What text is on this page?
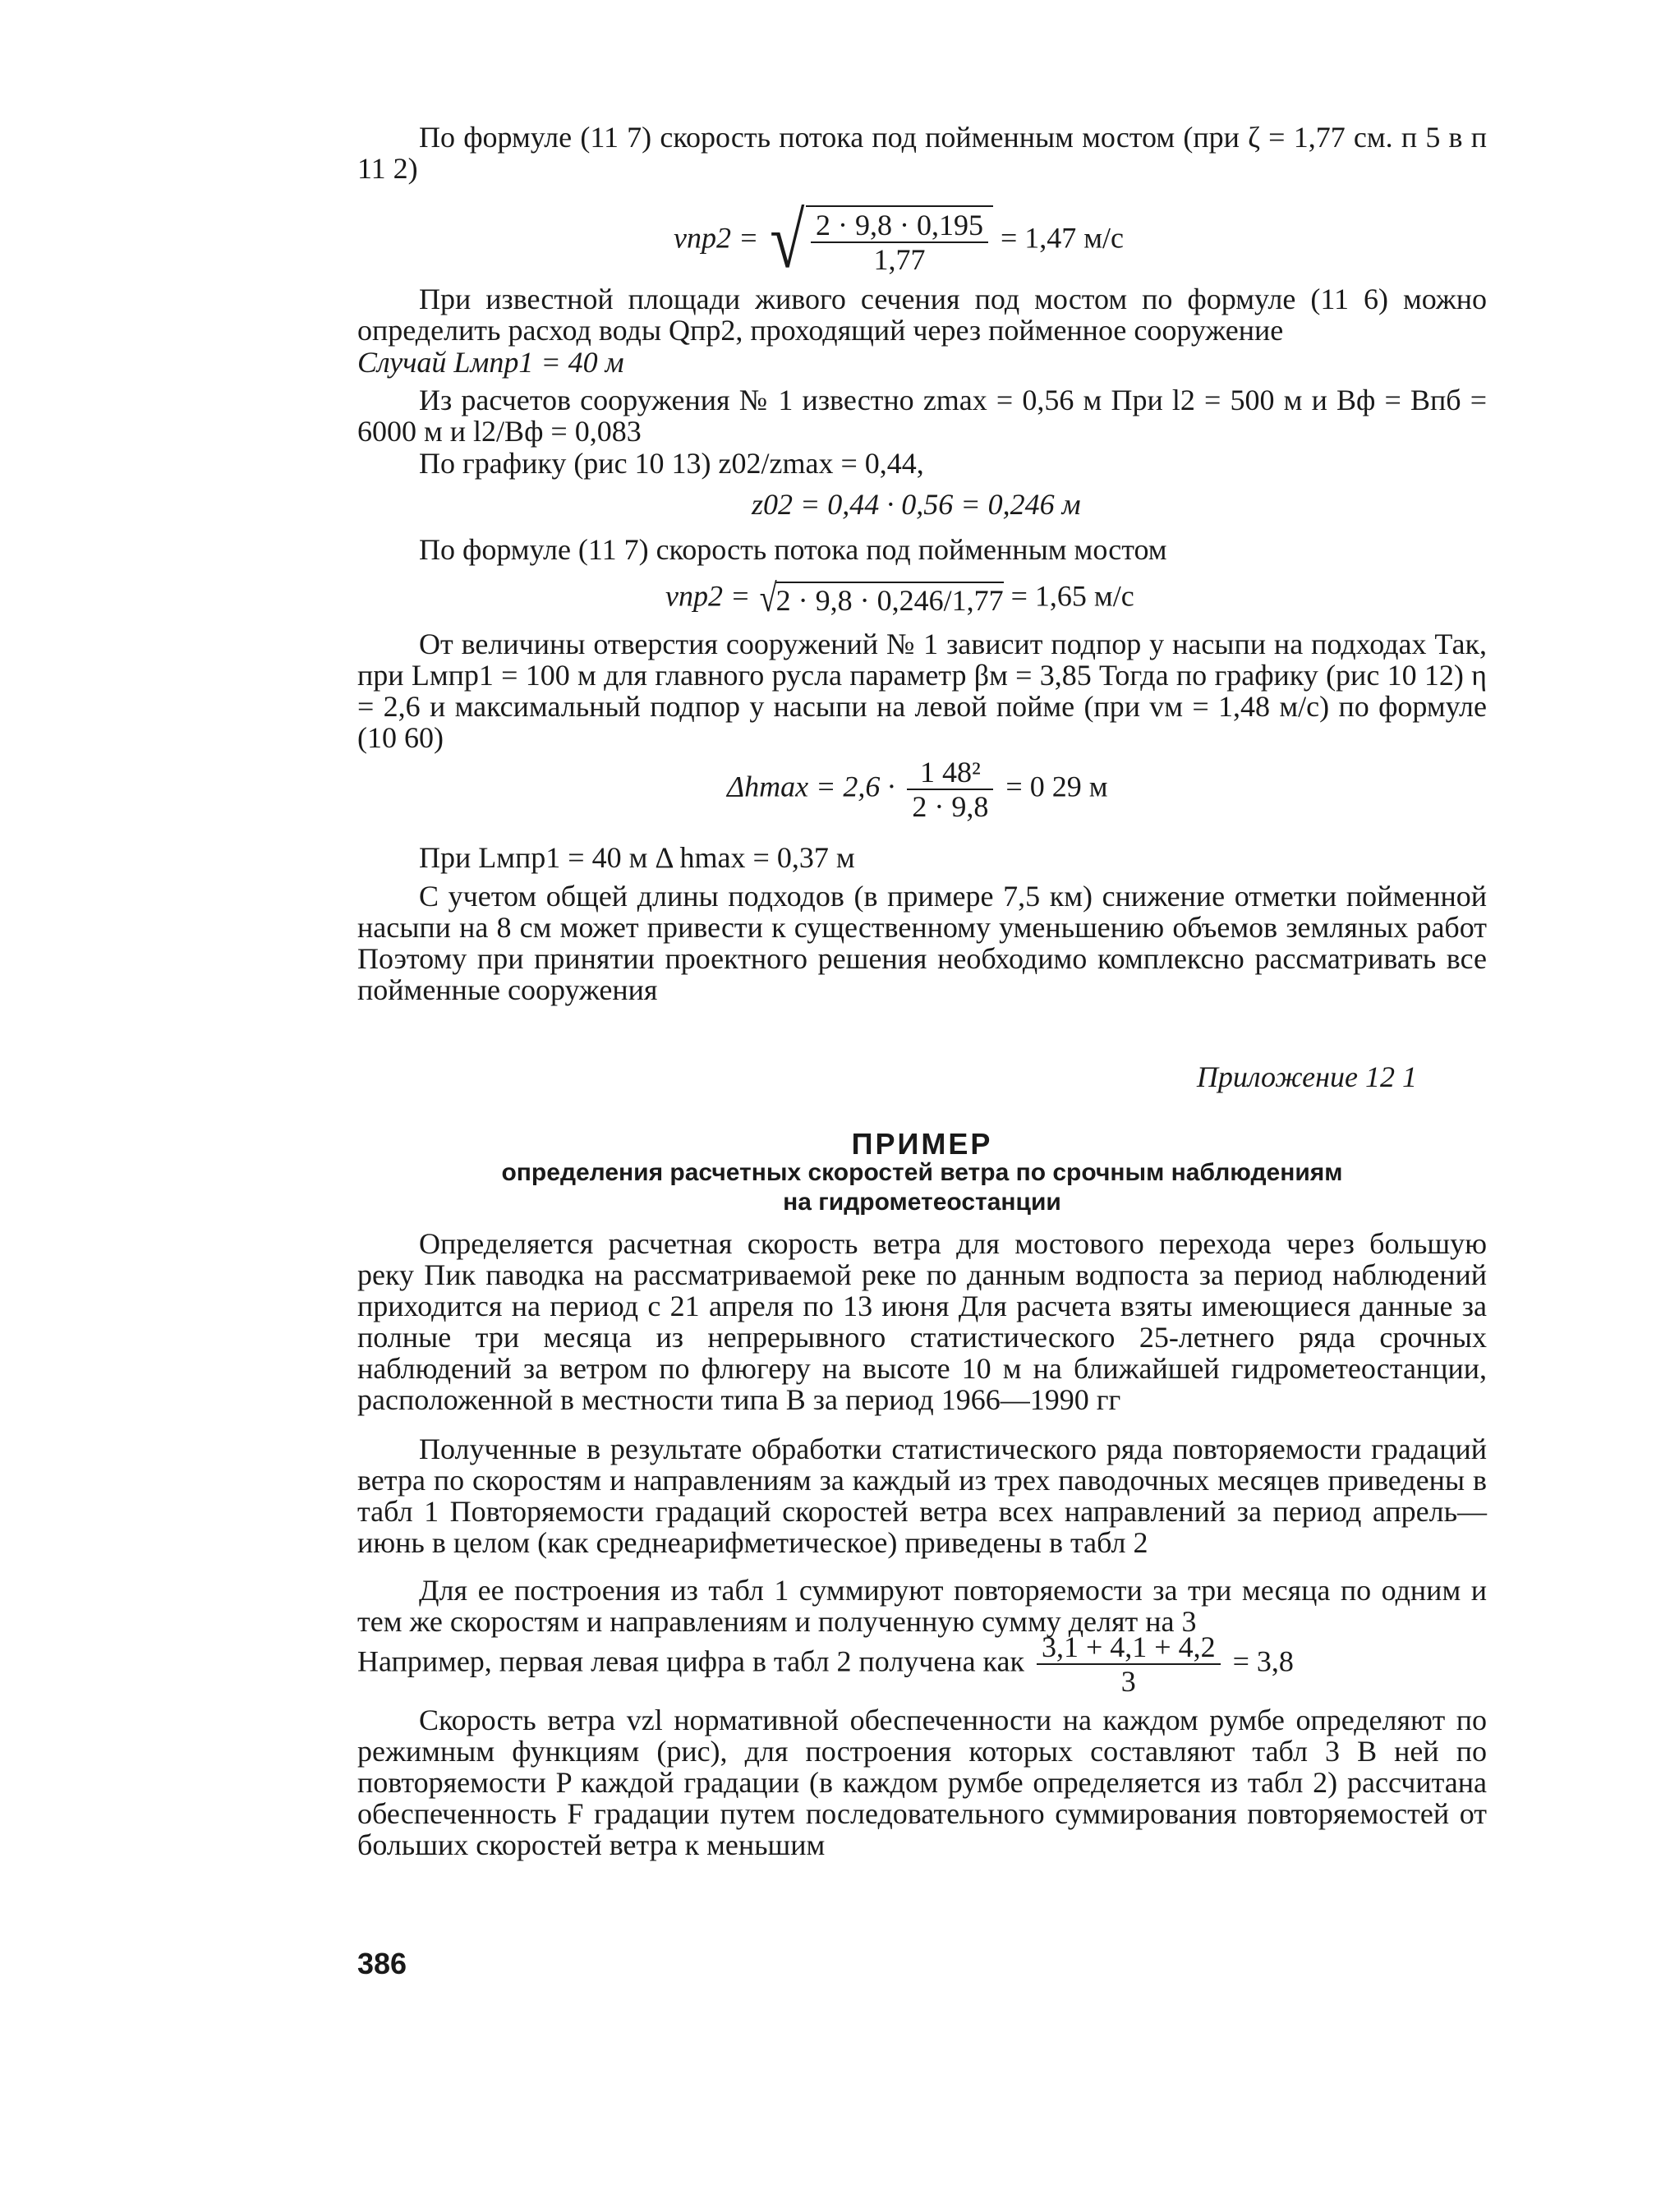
По формуле (11 7) скорость потока под пойменным мостом (при ζ = 1,77 см. п 5 в п 11 2)

vпр2 = √ $\frac{2 \cdot 9,8 \cdot 0,195}{1,77} = 1,47$ м/с

При известной площади живого сечения под мостом по формуле (11 6) можно определить расход воды Qпр2, проходящий через пойменное сооружение

Случай Lмпр1 = 40 м

Из расчетов сооружения № 1 известно zmax = 0,56 м При l2 = 500 м и Bф = Bпб = 6000 м и l2/Bф = 0,083

По графику (рис 10 13) z02/zmax = 0,44,

z02 = 0,44 · 0,56 = 0,246 м

По формуле (11 7) скорость потока под пойменным мостом

vпр2 = √2 · 9,8 · 0,246/1,77 = 1,65 м/с

От величины отверстия сооружений № 1 зависит подпор у насыпи на подходах Так, при Lмпр1 = 100 м для главного русла параметр βм = 3,85 Тогда по графику (рис 10 12) η = 2,6 и максимальный подпор у насыпи на левой пойме (при vм = 1,48 м/с) по формуле (10 60)

$\Delta hmax = 2,6 \cdot \frac{\text{1 48²}}{2 \cdot 9,8} = 0$ 29 м

При Lмпр1 = 40 м Δ hmax = 0,37 м

С учетом общей длины подходов (в примере 7,5 км) снижение отметки пойменной насыпи на 8 см может привести к существенному уменьшению объемов земляных работ Поэтому при принятии проектного решения необходимо комплексно рассматривать все пойменные сооружения

Приложение 12 1
ПРИМЕР
определения расчетных скоростей ветра по срочным наблюдениям
на гидрометеостанции

Определяется расчетная скорость ветра для мостового перехода через большую реку Пик паводка на рассматриваемой реке по данным водпоста за период наблюдений приходится на период с 21 апреля по 13 июня Для расчета взяты имеющиеся данные за полные три месяца из непрерывного статистического 25-летнего ряда срочных наблюдений за ветром по флюгеру на высоте 10 м на ближайшей гидрометеостанции, расположенной в местности типа В за период 1966—1990 гг

Полученные в результате обработки статистического ряда повторяемости градаций ветра по скоростям и направлениям за каждый из трех паводочных месяцев приведены в табл 1 Повторяемости градаций скоростей ветра всех направлений за период апрель—июнь в целом (как среднеарифметическое) приведены в табл 2

Для ее построения из табл 1 суммируют повторяемости за три месяца по одним и тем же скоростям и направлениям и полученную сумму делят на 3

Например, первая левая цифра в табл 2 получена как $\frac{3,1 + 4,1 + 4,2}{3} = 3,8$

Скорость ветра vzl нормативной обеспеченности на каждом румбе определяют по режимным функциям (рис), для построения которых составляют табл 3 В ней по повторяемости P каждой градации (в каждом румбе определяется из табл 2) рассчитана обеспеченность F градации путем последовательного суммирования повторяемостей от больших скоростей ветра к меньшим

386
